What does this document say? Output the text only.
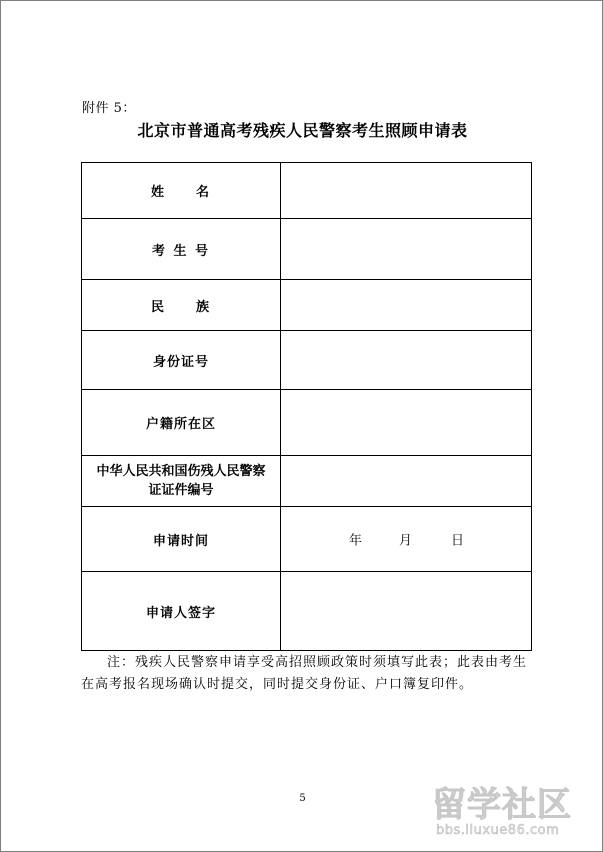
附件 5：
北京市普通高考残疾人民警察考生照顾申请表
姓　　名	
考 生 号	
民　　族	
身份证号	
户籍所在区	

中华人民共和国伤残人民警察
证证件编号	

申请时间	年 月 日

申请人签字	
注：残疾人民警察申请享受高招照顾政策时须填写此表；此表由考生在高考报名现场确认时提交，同时提交身份证、户口簿复印件。
5	留学社区
bbs.liuxue86.com
